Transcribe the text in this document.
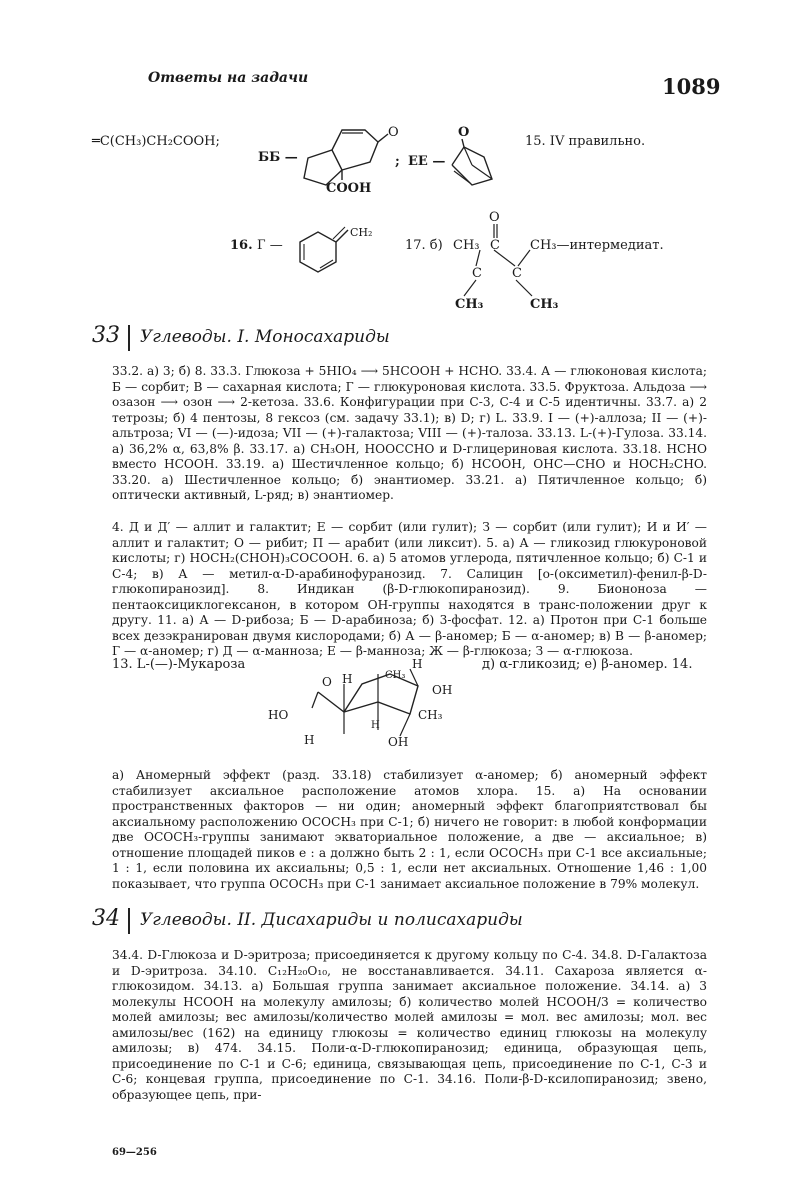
Ответы на задачи	1089
═C(CH₃)CH₂COOH;
ББ —
O
COOH
; ЕЕ —
O
15. IV правильно.
16. Г —
CH₂
17. б) CH₃
O
C CH₃—интермедиат.
C C
CH₃	CH₃
33 Углеводы. I. Моносахариды
33.2. а) 3; б) 8. 33.3. Глюкоза + 5HIO₄ ⟶ 5HCOOH + HCHO. 33.4. А — глюконовая кислота; Б — сорбит; В — сахарная кислота; Г — глюкуроновая кислота. 33.5. Фруктоза. Альдоза ⟶ озазон ⟶ озон ⟶ 2-кетоза. 33.6. Конфигурации при С-3, С-4 и С-5 идентичны. 33.7. а) 2 тетрозы; б) 4 пентозы, 8 гексоз (см. задачу 33.1); в) D; г) L. 33.9. I — (+)-аллоза; II — (+)-альтроза; VI — (—)-идоза; VII — (+)-галактоза; VIII — (+)-талоза. 33.13. L-(+)-Гулоза. 33.14. а) 36,2% α, 63,8% β. 33.17. а) CH₃OH, HOOCCHO и D-глицериновая кислота. 33.18. HCHO вместо HCOOH. 33.19. а) Шестичленное кольцо; б) HCOOH, OHC—CHO и HOCH₂CHO. 33.20. а) Шестичленное кольцо; б) энантиомер. 33.21. а) Пятичленное кольцо; б) оптически активный, L-ряд; в) энантиомер.
4. Д и Д′ — аллит и галактит; Е — сорбит (или гулит); З — сорбит (или гулит); И и И′ — аллит и галактит; О — рибит; П — арабит (или ликсит). 5. а) А — гликозид глюкуроновой кислоты; г) HOCH₂(CHOH)₃COCOOH. 6. а) 5 атомов углерода, пятичленное кольцо; б) С-1 и С-4; в) А — метил-α-D-арабинофуранозид. 7. Салицин [о-(оксиметил)-фенил-β-D-глюкопиранозид]. 8. Индикан (β-D-глюкопиранозид). 9. Биононоза — пентаоксициклогексанон, в котором OH-группы находятся в транс-положении друг к другу. 11. а) А — D-рибоза; Б — D-арабиноза; б) 3-фосфат. 12. а) Протон при С-1 больше всех дезэкранирован двумя кислородами; б) А — β-аномер; Б — α-аномер; в) В — β-аномер; Г — α-аномер; г) Д — α-манноза; Е — β-манноза; Ж — β-глюкоза; З — α-глюкоза.
13. L-(—)-Мукароза	д) α-гликозид; е) β-аномер. 14.
H
O H	CH₃
OH
HO	CH₃
H
H
OH
а) Аномерный эффект (разд. 33.18) стабилизует α-аномер; б) аномерный эффект стабилизует аксиальное расположение атомов хлора. 15. а) На основании пространственных факторов — ни один; аномерный эффект благоприятствовал бы аксиальному расположению OCOCH₃ при С-1; б) ничего не говорит: в любой конформации две OCOCH₃-группы занимают экваториальное положение, а две — аксиальное; в) отношение площадей пиков е : а должно быть 2 : 1, если OCOCH₃ при С-1 все аксиальные; 1 : 1, если половина их аксиальны; 0,5 : 1, если нет аксиальных. Отношение 1,46 : 1,00 показывает, что группа OCOCH₃ при С-1 занимает аксиальное положение в 79% молекул.
34 Углеводы. II. Дисахариды и полисахариды
34.4. D-Глюкоза и D-эритроза; присоединяется к другому кольцу по С-4. 34.8. D-Галактоза и D-эритроза. 34.10. C₁₂H₂₀O₁₀, не восстанавливается. 34.11. Сахароза является α-глюкозидом. 34.13. а) Большая группа занимает аксиальное положение. 34.14. а) 3 молекулы HCOOH на молекулу амилозы; б) количество молей HCOOH/3 = количество молей амилозы; вес амилозы/количество молей амилозы = мол. вес амилозы; мол. вес амилозы/вес (162) на единицу глюкозы = количество единиц глюкозы на молекулу амилозы; в) 474. 34.15. Поли-α-D-глюкопиранозид; единица, образующая цепь, присоединение по С-1 и С-6; единица, связывающая цепь, присоединение по С-1, С-3 и С-6; концевая группа, присоединение по С-1. 34.16. Поли-β-D-ксилопиранозид; звено, образующее цепь, при-
69—256
